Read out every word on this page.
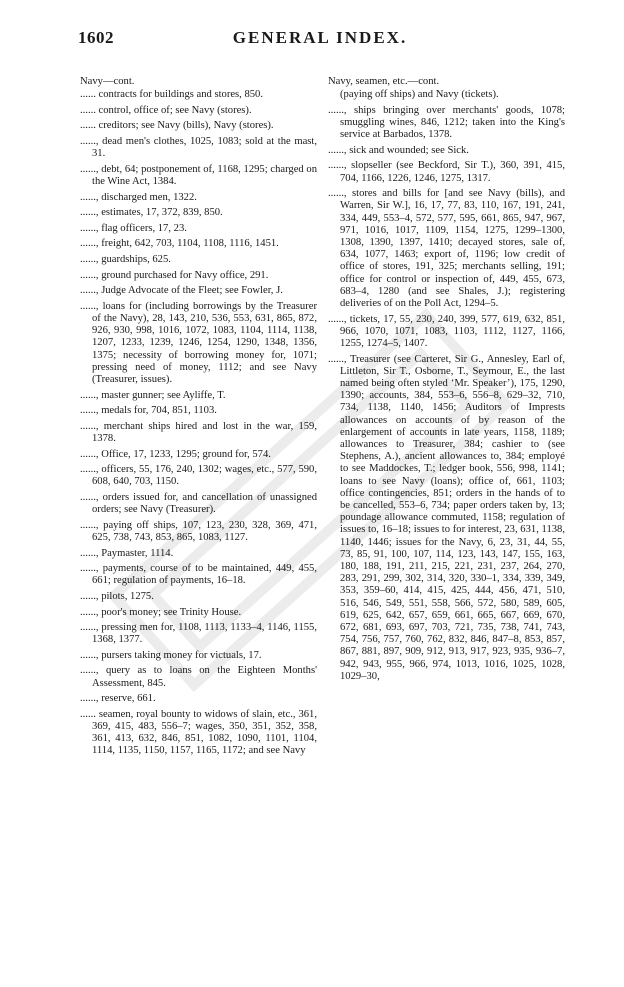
1602	GENERAL INDEX.
Navy—cont.

...... contracts for buildings and stores, 850.

...... control, office of; see Navy (stores).

...... creditors; see Navy (bills), Navy (stores).

......, dead men's clothes, 1025, 1083; sold at the mast, 31.

......, debt, 64; postponement of, 1168, 1295; charged on the Wine Act, 1384.

......, discharged men, 1322.

......, estimates, 17, 372, 839, 850.

......, flag officers, 17, 23.

......, freight, 642, 703, 1104, 1108, 1116, 1451.

......, guardships, 625.

......, ground purchased for Navy office, 291.

......, Judge Advocate of the Fleet; see Fowler, J.

......, loans for (including borrowings by the Treasurer of the Navy), 28, 143, 210, 536, 553, 631, 865, 872, 926, 930, 998, 1016, 1072, 1083, 1104, 1114, 1138, 1207, 1233, 1239, 1246, 1254, 1290, 1348, 1356, 1375; necessity of borrowing money for, 1071; pressing need of money, 1112; and see Navy (Treasurer, issues).

......, master gunner; see Ayliffe, T.

......, medals for, 704, 851, 1103.

......, merchant ships hired and lost in the war, 159, 1378.

......, Office, 17, 1233, 1295; ground for, 574.

......, officers, 55, 176, 240, 1302; wages, etc., 577, 590, 608, 640, 703, 1150.

......, orders issued for, and cancellation of unassigned orders; see Navy (Treasurer).

......, paying off ships, 107, 123, 230, 328, 369, 471, 625, 738, 743, 853, 865, 1083, 1127.

......, Paymaster, 1114.

......, payments, course of to be maintained, 449, 455, 661; regulation of payments, 16–18.

......, pilots, 1275.

......, poor's money; see Trinity House.

......, pressing men for, 1108, 1113, 1133–4, 1146, 1155, 1368, 1377.

......, pursers taking money for victuals, 17.

......, query as to loans on the Eighteen Months' Assessment, 845.

......, reserve, 661.

...... seamen, royal bounty to widows of slain, etc., 361, 369, 415, 483, 556–7; wages, 350, 351, 352, 358, 361, 413, 632, 846, 851, 1082, 1090, 1101, 1104, 1114, 1135, 1150, 1157, 1165, 1172; and see Navy

Navy, seamen, etc.—cont.

(paying off ships) and Navy (tickets).

......, ships bringing over merchants' goods, 1078; smuggling wines, 846, 1212; taken into the King's service at Barbados, 1378.

......, sick and wounded; see Sick.

......, slopseller (see Beckford, Sir T.), 360, 391, 415, 704, 1166, 1226, 1246, 1275, 1317.

......, stores and bills for [and see Navy (bills), and Warren, Sir W.], 16, 17, 77, 83, 110, 167, 191, 241, 334, 449, 553–4, 572, 577, 595, 661, 865, 947, 967, 971, 1016, 1017, 1109, 1154, 1275, 1299–1300, 1308, 1390, 1397, 1410; decayed stores, sale of, 634, 1077, 1463; export of, 1196; low credit of office of stores, 191, 325; merchants selling, 191; office for control or inspection of, 449, 455, 673, 683–4, 1280 (and see Shales, J.); registering deliveries of on the Poll Act, 1294–5.

......, tickets, 17, 55, 230, 240, 399, 577, 619, 632, 851, 966, 1070, 1071, 1083, 1103, 1112, 1127, 1166, 1255, 1274–5, 1407.

......, Treasurer (see Carteret, Sir G., Annesley, Earl of, Littleton, Sir T., Osborne, T., Seymour, E., the last named being often styled ‘Mr. Speaker’), 175, 1290, 1390; accounts, 384, 553–6, 556–8, 629–32, 710, 734, 1138, 1140, 1456; Auditors of Imprests allowances on accounts of by reason of the enlargement of accounts in late years, 1158, 1189; allowances to Treasurer, 384; cashier to (see Stephens, A.), ancient allowances to, 384; employé to see Maddockes, T.; ledger book, 556, 998, 1141; loans to see Navy (loans); office of, 661, 1103; office contingencies, 851; orders in the hands of to be cancelled, 553–6, 734; paper orders taken by, 13; poundage allowance commuted, 1158; regulation of issues to, 16–18; issues to for interest, 23, 631, 1138, 1140, 1446; issues for the Navy, 6, 23, 31, 44, 55, 73, 85, 91, 100, 107, 114, 123, 143, 147, 155, 163, 180, 188, 191, 211, 215, 221, 231, 237, 264, 270, 283, 291, 299, 302, 314, 320, 330–1, 334, 339, 349, 353, 359–60, 414, 415, 425, 444, 456, 471, 510, 516, 546, 549, 551, 558, 566, 572, 580, 589, 605, 619, 625, 642, 657, 659, 661, 665, 667, 669, 670, 672, 681, 693, 697, 703, 721, 735, 738, 741, 743, 754, 756, 757, 760, 762, 832, 846, 847–8, 853, 857, 867, 881, 897, 909, 912, 913, 917, 923, 935, 936–7, 942, 943, 955, 966, 974, 1013, 1016, 1025, 1028, 1029–30,
